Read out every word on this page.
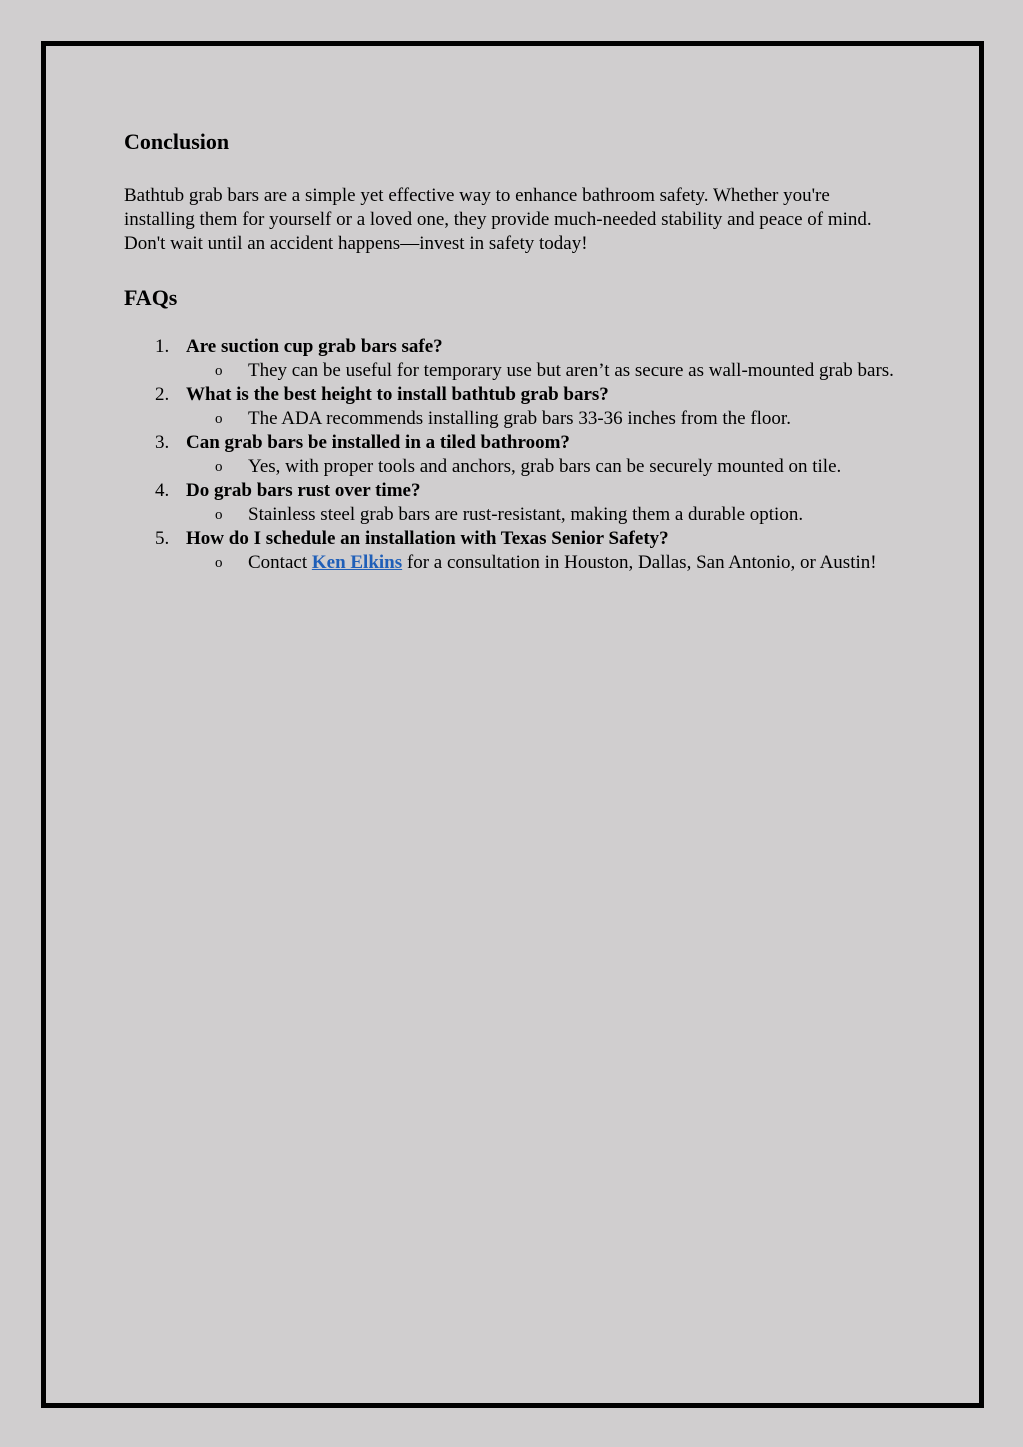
Conclusion

Bathtub grab bars are a simple yet effective way to enhance bathroom safety. Whether you're installing them for yourself or a loved one, they provide much-needed stability and peace of mind. Don't wait until an accident happens—invest in safety today!

FAQs
1. Are suction cup grab bars safe?
o They can be useful for temporary use but aren’t as secure as wall-mounted grab bars.
2. What is the best height to install bathtub grab bars?
o The ADA recommends installing grab bars 33-36 inches from the floor.
3. Can grab bars be installed in a tiled bathroom?
o Yes, with proper tools and anchors, grab bars can be securely mounted on tile.
4. Do grab bars rust over time?
o Stainless steel grab bars are rust-resistant, making them a durable option.
5. How do I schedule an installation with Texas Senior Safety?
o Contact Ken Elkins for a consultation in Houston, Dallas, San Antonio, or Austin!
